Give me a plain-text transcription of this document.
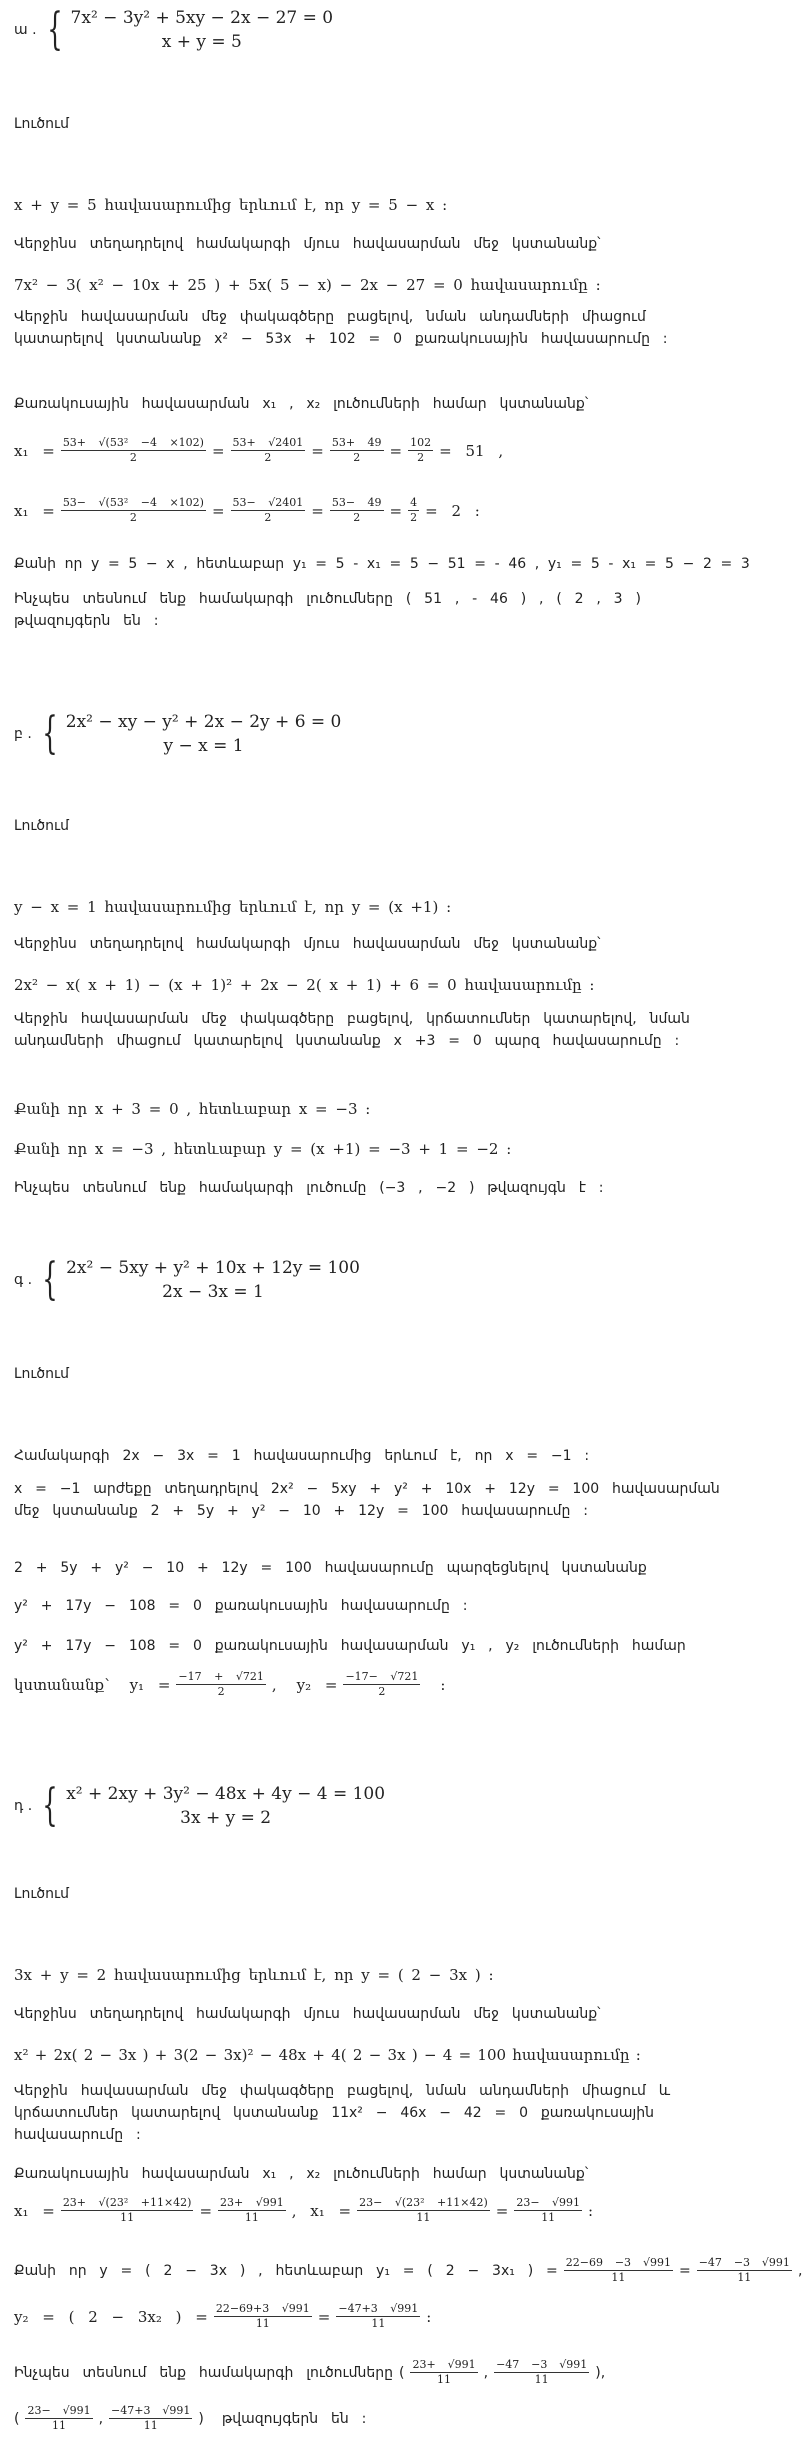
ա . { 7x² − 3y² + 5xy − 2x − 27 = 0
x + y = 5
Լուծում
x + y = 5 հավասարումից երևում է, որ y = 5 − x :
Վերջինս տեղադրելով համակարգի մյուս հավասարման մեջ կստանանք՝
7x² − 3( x² − 10x + 25 ) + 5x( 5 − x) − 2x − 27 = 0 հավասարումը :
Վերջին հավասարման մեջ փակագծերը բացելով, նման անդամների միացում կատարելով կստանանք x² − 53x + 102 = 0 քառակուսային հավասարումը :
Քառակուսային հավասարման x₁ , x₂ լուծումների համար կստանանք՝
$x_1 = \frac{\text{53+ √(53² −4 ×102)}}{2} = \frac{53+ √2401}{2} = \frac{53+ 49}{2} = \frac{102}{2} = 51$ ,
$x_1 = \frac{\text{53− √(53² −4 ×102)}}{2} = \frac{53- √2401}{2} = \frac{53- 49}{2} = \frac{4}{2} = 2$ :
Քանի որ y = 5 − x , հետևաբար y₁ = 5 - x₁ = 5 − 51 = - 46 , y₁ = 5 - x₁ = 5 − 2 = 3
Ինչպես տեսնում ենք համակարգի լուծումները ( 51 , - 46 ) , ( 2 , 3 ) թվազույգերն են :
բ . { 2x² − xy − y² + 2x − 2y + 6 = 0
y − x = 1
Լուծում
y − x = 1 հավասարումից երևում է, որ y = (x +1) :
Վերջինս տեղադրելով համակարգի մյուս հավասարման մեջ կստանանք՝
2x² − x( x + 1) − (x + 1)² + 2x − 2( x + 1) + 6 = 0 հավասարումը :
Վերջին հավասարման մեջ փակագծերը բացելով, կրճատումներ կատարելով, նման անդամների միացում կատարելով կստանանք x +3 = 0 պարզ հավասարումը :
Քանի որ x + 3 = 0 , հետևաբար x = −3 :
Քանի որ x = −3 , հետևաբար y = (x +1) = −3 + 1 = −2 :
Ինչպես տեսնում ենք համակարգի լուծումը (−3 , −2 ) թվազույգն է :
գ . { 2x² − 5xy + y² + 10x + 12y = 100
2x − 3x = 1
Լուծում
Համակարգի 2x − 3x = 1 հավասարումից երևում է, որ x = −1 :
x = −1 արժեքը տեղադրելով 2x² − 5xy + y² + 10x + 12y = 100 հավասարման մեջ կստանանք 2 + 5y + y² − 10 + 12y = 100 հավասարումը :
2 + 5y + y² − 10 + 12y = 100 հավասարումը պարզեցնելով կստանանք
y² + 17y − 108 = 0 քառակուսային հավասարումը :
y² + 17y − 108 = 0 քառակուսային հավասարման y₁ , y₂ լուծումների համար
կստանանք՝ $y_1 = \frac{-17 + √721}{2}$ , $y_2 = \frac{-17- √721}{2}$ :
դ . { x² + 2xy + 3y² − 48x + 4y − 4 = 100
3x + y = 2
Լուծում
3x + y = 2 հավասարումից երևում է, որ y = ( 2 − 3x ) :
Վերջինս տեղադրելով համակարգի մյուս հավասարման մեջ կստանանք՝
x² + 2x( 2 − 3x ) + 3(2 − 3x)² − 48x + 4( 2 − 3x ) − 4 = 100 հավասարումը :
Վերջին հավասարման մեջ փակագծերը բացելով, նման անդամների միացում և կրճատումներ կատարելով կստանանք 11x² − 46x − 42 = 0 քառակուսային հավասարումը :
Քառակուսային հավասարման x₁ , x₂ լուծումների համար կստանանք՝
$x_1 = \frac{\text{23+ √(23² +11×42)}}{11} = \frac{23+ √991}{11}$ , $x_1 = \frac{\text{23− √(23² +11×42)}}{11} = \frac{23- √991}{11}$ :
Քանի որ y = ( 2 − 3x ) , հետևաբար y₁ = ( 2 − 3x₁ ) = $\frac{22-69 -3 √991}{11} = \frac{-47 -3 √991}{11}$ ,
y₂ = ( 2 − 3x₂ ) = $\frac{22-69+3 √991}{11} = \frac{-47+3 √991}{11}$ :
Ինչպես տեսնում ենք համակարգի լուծումները ( $\frac{23+ √991}{11}$ , $\frac{-47 -3 √991}{11}$ ),
( $\frac{23- √991}{11}$ , $\frac{-47+3 √991}{11}$ ) թվազույգերն են :
